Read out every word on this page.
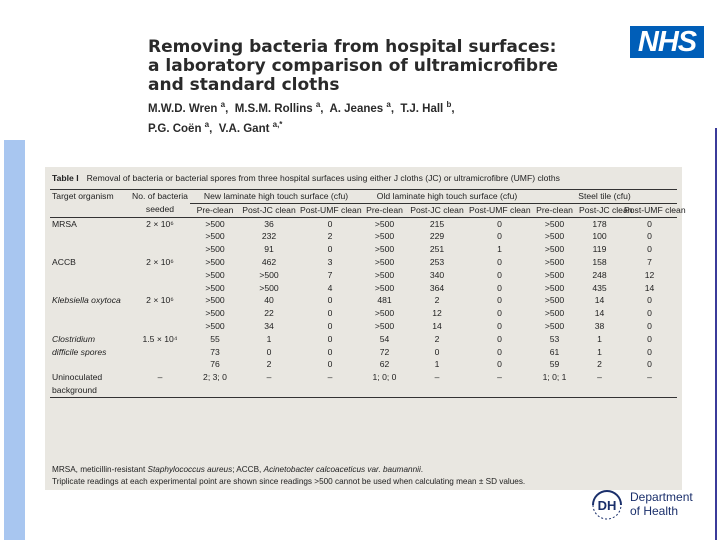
Removing bacteria from hospital surfaces:
a laboratory comparison of ultramicrofibre
and standard cloths
M.W.D. Wren $^a$,  M.S.M. Rollins $^a$,  A. Jeanes $^a$,  T.J. Hall $^b$,
P.G. Coën $^a$,  V.A. Gant $^{a,*}$
NHS
Table I Removal of bacteria or bacterial spores from three hospital surfaces using either J cloths (JC) or ultramicrofibre (UMF) cloths
Target organism	No. of bacteria	New laminate high touch surface (cfu)			Old laminate high touch surface (cfu)			Steel tile (cfu)		
	seeded	Pre-clean	Post-JC clean	Post-UMF clean	Pre-clean	Post-JC clean	Post-UMF clean	Pre-clean	Post-JC clean	Post-UMF clean
MRSA	2 × 10⁶	>500	36	0	>500	215	0	>500	178	0
		>500	232	2	>500	229	0	>500	100	0
		>500	91	0	>500	251	1	>500	119	0
ACCB	2 × 10⁶	>500	462	3	>500	253	0	>500	158	7
		>500	>500	7	>500	340	0	>500	248	12
		>500	>500	4	>500	364	0	>500	435	14
Klebsiella oxytoca	2 × 10⁶	>500	40	0	481	2	0	>500	14	0
		>500	22	0	>500	12	0	>500	14	0
		>500	34	0	>500	14	0	>500	38	0
Clostridium	1.5 × 10⁴	55	1	0	54	2	0	53	1	0
difficile spores		73	0	0	72	0	0	61	1	0
		76	2	0	62	1	0	59	2	0
Uninoculated	–	2; 3; 0	–	–	1; 0; 0	–	–	1; 0; 1	–	–
background										
MRSA, meticillin-resistant Staphylococcus aureus; ACCB, Acinetobacter calcoaceticus var. baumannii.
Triplicate readings at each experimental point are shown since readings >500 cannot be used when calculating mean ± SD values.
DH
Department
of Health
